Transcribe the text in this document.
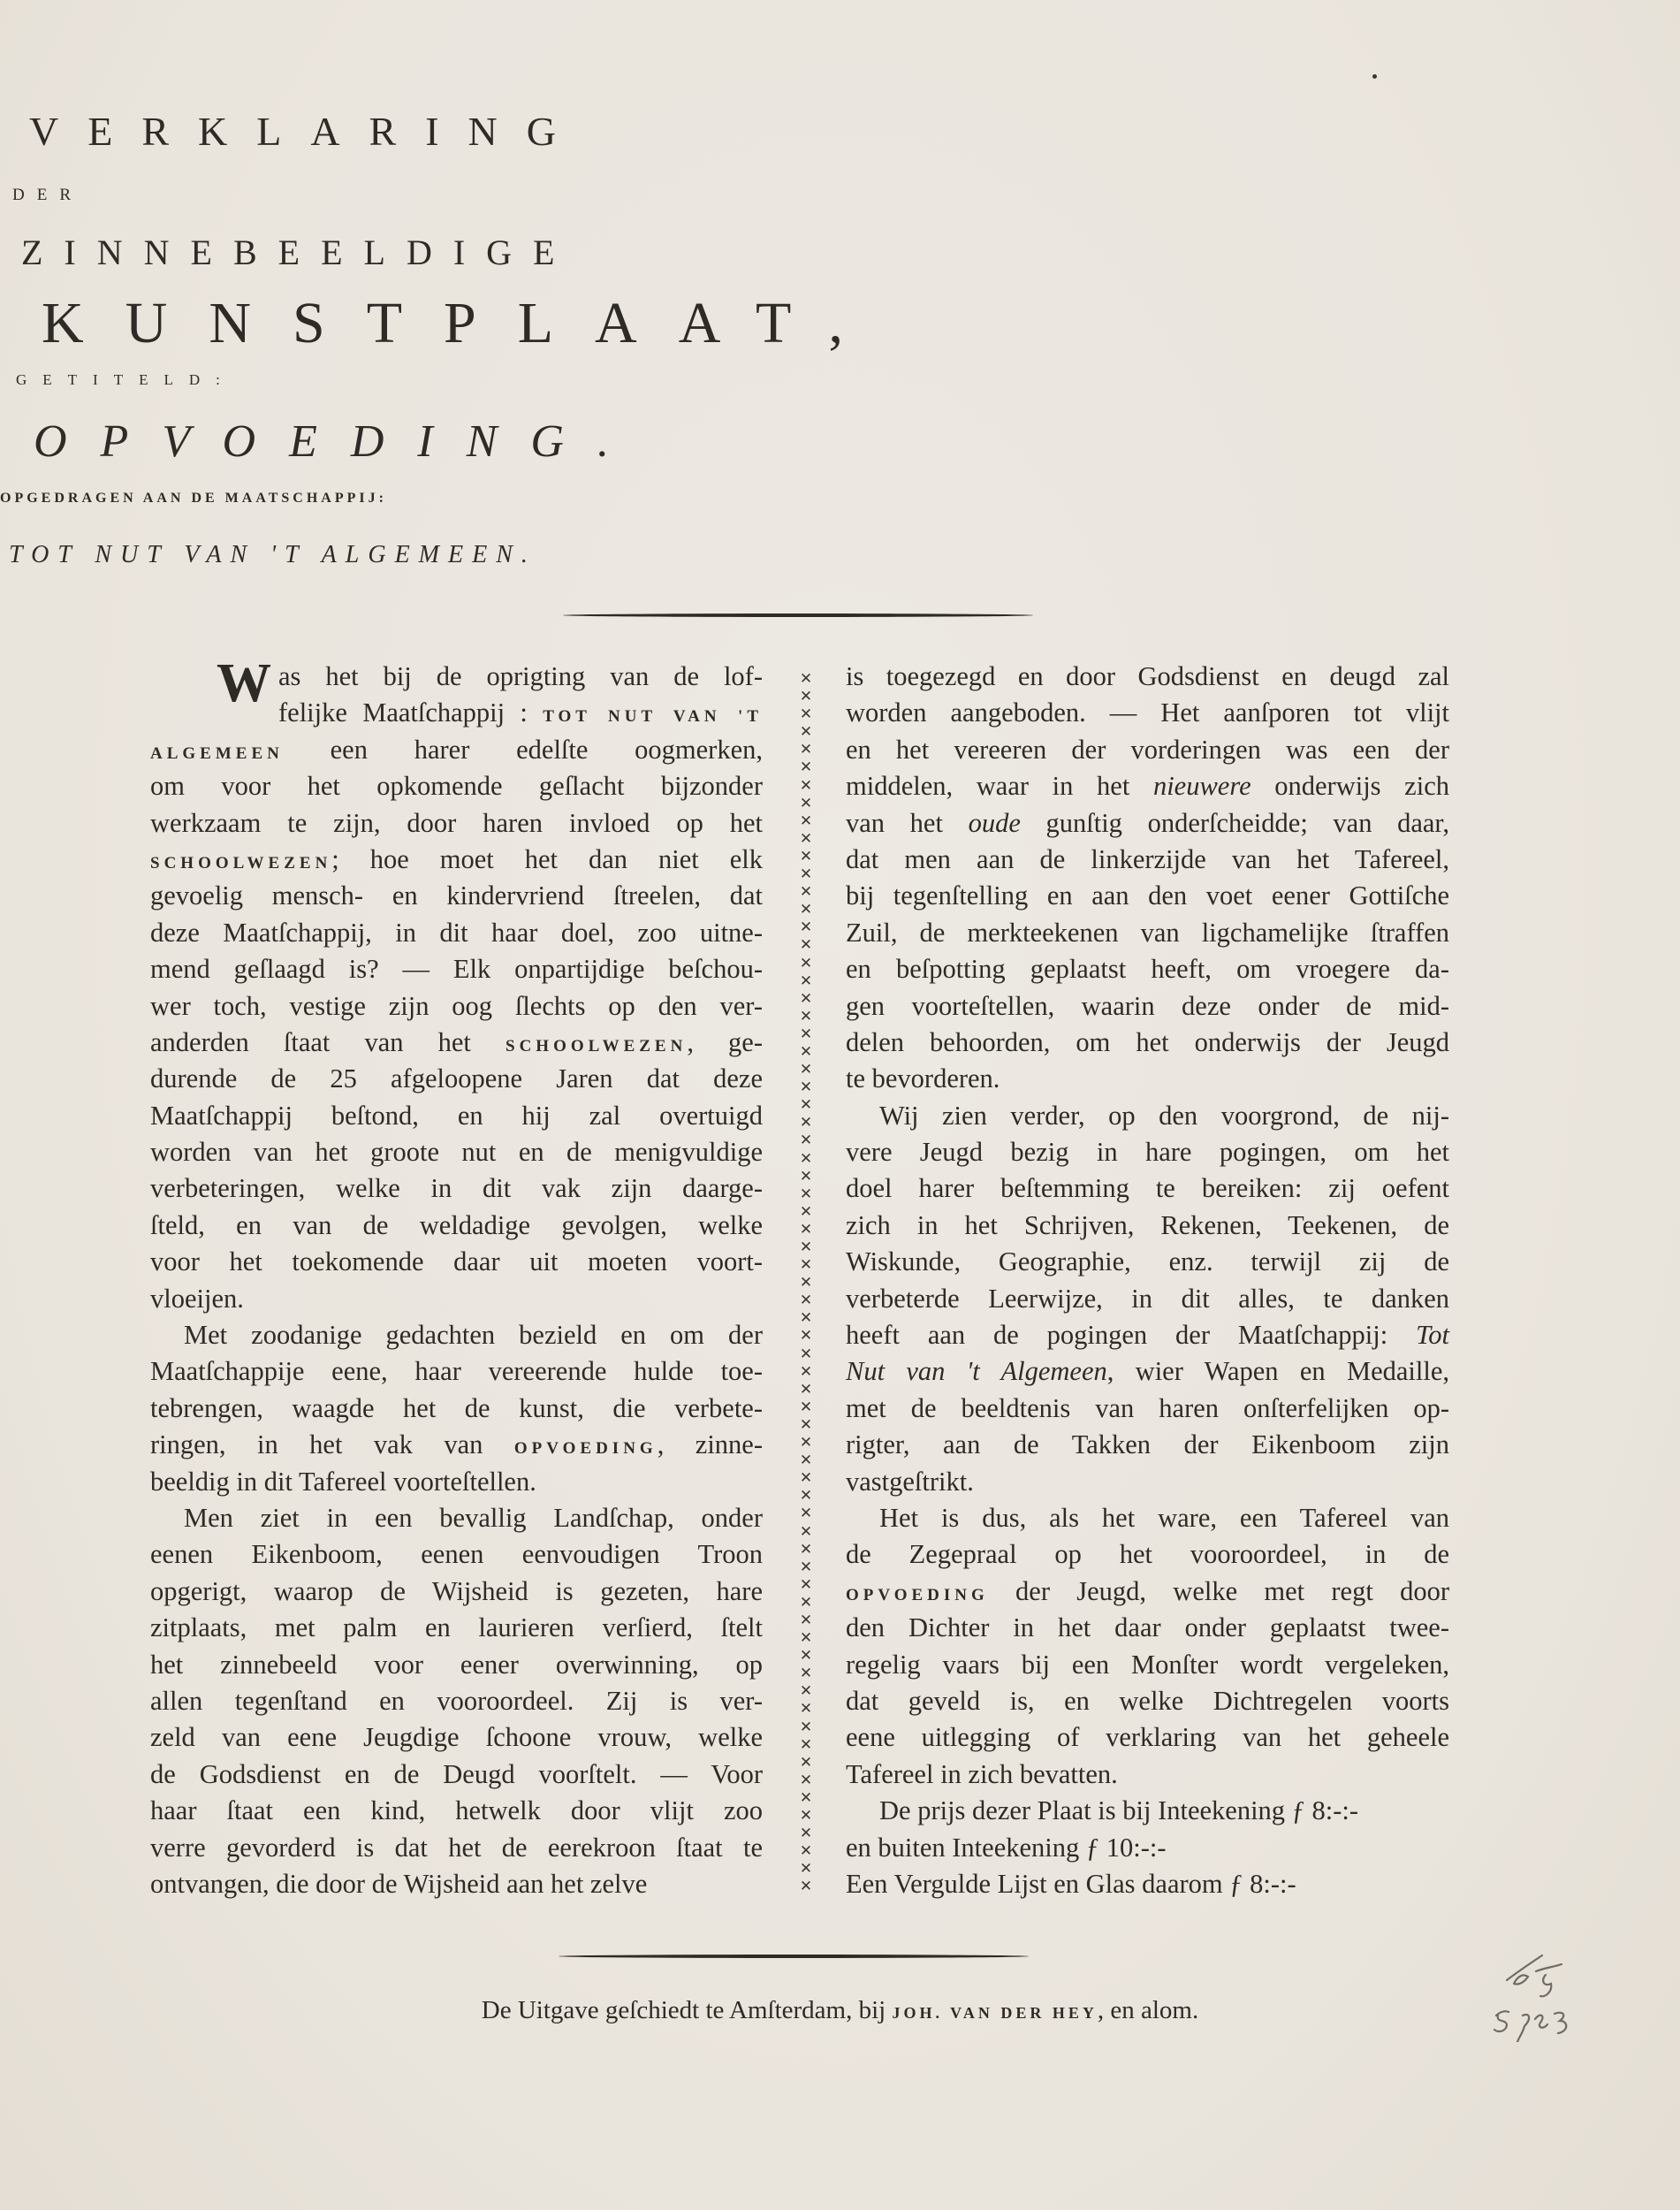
VERKLARING
DER
ZINNEBEELDIGE
KUNSTPLAAT,
GETITELD:
OPVOEDING.
OPGEDRAGEN AAN DE MAATSCHAPPIJ:
TOT NUT VAN 'T ALGEMEEN.
W as het bij de oprigting van de lof-
felijke Maatſchappij : TOT NUT VAN 'T
ALGEMEEN een harer edelſte oogmerken,
om voor het opkomende geſlacht bijzonder
werkzaam te zijn, door haren invloed op het
SCHOOLWEZEN; hoe moet het dan niet elk
gevoelig mensch- en kindervriend ſtreelen, dat
deze Maatſchappij, in dit haar doel, zoo uitne-
mend geſlaagd is? — Elk onpartijdige beſchou-
wer toch, vestige zijn oog ſlechts op den ver-
anderden ſtaat van het SCHOOLWEZEN, ge-
durende de 25 afgeloopene Jaren dat deze
Maatſchappij beſtond, en hij zal overtuigd
worden van het groote nut en de menigvuldige
verbeteringen, welke in dit vak zijn daarge-
ſteld, en van de weldadige gevolgen, welke
voor het toekomende daar uit moeten voort-
vloeijen.
Met zoodanige gedachten bezield en om der
Maatſchappije eene, haar vereerende hulde toe-
tebrengen, waagde het de kunst, die verbete-
ringen, in het vak van OPVOEDING, zinne-
beeldig in dit Tafereel voorteſtellen.
Men ziet in een bevallig Landſchap, onder
eenen Eikenboom, eenen eenvoudigen Troon
opgerigt, waarop de Wijsheid is gezeten, hare
zitplaats, met palm en laurieren verſierd, ſtelt
het zinnebeeld voor eener overwinning, op
allen tegenſtand en vooroordeel. Zij is ver-
zeld van eene Jeugdige ſchoone vrouw, welke
de Godsdienst en de Deugd voorſtelt. — Voor
haar ſtaat een kind, hetwelk door vlijt zoo
verre gevorderd is dat het de eerekroon ſtaat te
ontvangen, die door de Wijsheid aan het zelve
✕
✕
✕
✕
✕
✕
✕
✕
✕
✕
✕
✕
✕
✕
✕
✕
✕
✕
✕
✕
✕
✕
✕
✕
✕
✕
✕
✕
✕
✕
✕
✕
✕
✕
✕
✕
✕
✕
✕
✕
✕
✕
✕
✕
✕
✕
✕
✕
✕
✕
✕
✕
✕
✕
✕
✕
✕
✕
✕
✕
✕
✕
✕
✕
✕
✕
✕
✕
✕
is toegezegd en door Godsdienst en deugd zal
worden aangeboden. — Het aanſporen tot vlijt
en het vereeren der vorderingen was een der
middelen, waar in het nieuwere onderwijs zich
van het oude gunſtig onderſcheidde; van daar,
dat men aan de linkerzijde van het Tafereel,
bij tegenſtelling en aan den voet eener Gottiſche
Zuil, de merkteekenen van ligchamelijke ſtraffen
en beſpotting geplaatst heeft, om vroegere da-
gen voorteſtellen, waarin deze onder de mid-
delen behoorden, om het onderwijs der Jeugd
te bevorderen.
Wij zien verder, op den voorgrond, de nij-
vere Jeugd bezig in hare pogingen, om het
doel harer beſtemming te bereiken: zij oefent
zich in het Schrijven, Rekenen, Teekenen, de
Wiskunde, Geographie, enz. terwijl zij de
verbeterde Leerwijze, in dit alles, te danken
heeft aan de pogingen der Maatſchappij: Tot
Nut van 't Algemeen, wier Wapen en Medaille,
met de beeldtenis van haren onſterfelijken op-
rigter, aan de Takken der Eikenboom zijn
vastgeſtrikt.
Het is dus, als het ware, een Tafereel van
de Zegepraal op het vooroordeel, in de
OPVOEDING der Jeugd, welke met regt door
den Dichter in het daar onder geplaatst twee-
regelig vaars bij een Monſter wordt vergeleken,
dat geveld is, en welke Dichtregelen voorts
eene uitlegging of verklaring van het geheele
Tafereel in zich bevatten.
De prijs dezer Plaat is bij Inteekening ƒ 8:-:-
en buiten Inteekening ƒ 10:-:-
Een Vergulde Lijst en Glas daarom ƒ 8:-:-
De Uitgave geſchiedt te Amſterdam, bij JOH. VAN DER HEY, en alom.
